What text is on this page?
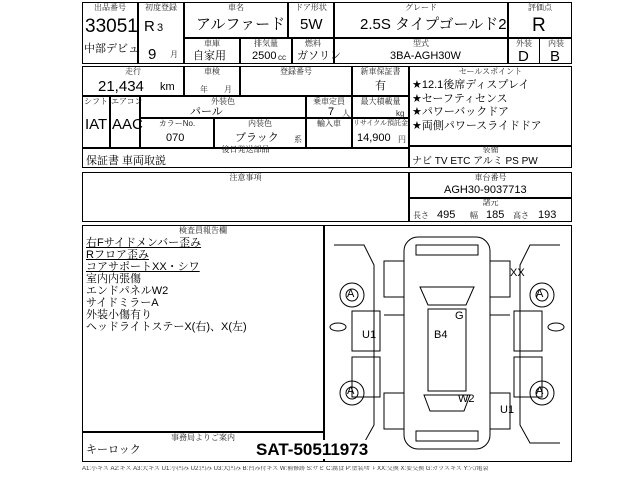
出品番号
33051
中部デビュ
初度登録
R 3
9 月
車名
アルファード
ドア形状
5W
グレード
2.5S タイプゴールド2
評価点
R
車庫
自家用
排気量
2500 cc
燃料
ガソリン
型式
3BA-AGH30W
外装	内装
D B
走行
21,434 km
車検
年 月
登録番号	新車保証書
有
シフト
IAT
エアコン
AAC
外装色
パール
乗車定員
7 人
最大積載量
kg
カラーNo.
070
内装色
ブラック 系
輸入車	リサイクル預託金
14,900 円
後日発送部品
保証書 車両取説
セールスポイント
★12.1後席ディスプレイ
★セーフティセンス
★パワーバックドア
★両側パワースライドドア
装備
ナビ TV ETC アルミ PS PW
注意事項	車台番号
AGH30-9037713
諸元
長さ 495 幅 185 高さ 193
検査員報告欄
右Fサイドメンバー歪み
Rフロア歪み
コアサポートXX・シワ
室内内張傷
エンドパネルW2
サイドミラーA
外装小傷有り
ヘッドライトステーX(右)、X(左)
事務局よりご案内
キーロック
XX
A	A
A	A
U1
U1
B4
G
W2
SAT-50511973
A1:小キズ A2:キズ A3:大キズ U1:小凹み U2:凹み U3:大凹み B:凹み付キズ W:補修跡 S:サビ C:腐食 P:塗装ﾊｶﾞﾚ XX:交換 X:要交換 G:ガラスキズ Y:穴/亀裂
